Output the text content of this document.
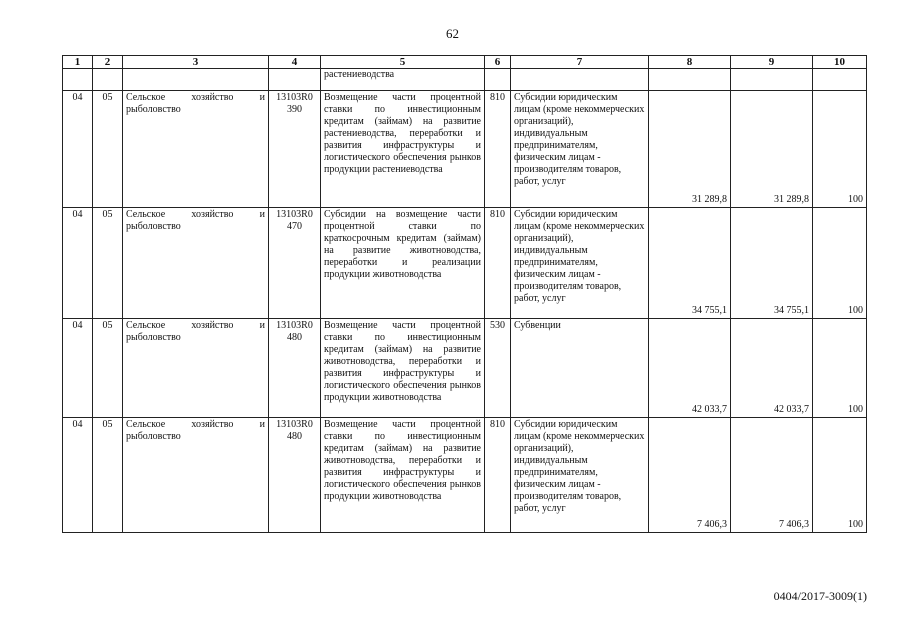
62
1	2	3	4	5	6	7	8	9	10
				растениеводства					
04	05	Сельское хозяйство и рыболовство	13103R0 390	Возмещение части процентной ставки по инвестиционным кредитам (займам) на развитие растениеводства, переработки и развития инфраструктуры и логистического обеспечения рынков продукции растениеводства	810	Субсидии юридическим лицам (кроме некоммерческих организаций), индивидуальным предпринимателям, физическим лицам - производителям товаров, работ, услуг	31 289,8	31 289,8	100
04	05	Сельское хозяйство и рыболовство	13103R0 470	Субсидии на возмещение части процентной ставки по краткосрочным кредитам (займам) на развитие животноводства, переработки и реализации продукции животноводства	810	Субсидии юридическим лицам (кроме некоммерческих организаций), индивидуальным предпринимателям, физическим лицам - производителям товаров, работ, услуг	34 755,1	34 755,1	100
04	05	Сельское хозяйство и рыболовство	13103R0 480	Возмещение части процентной ставки по инвестиционным кредитам (займам) на развитие животноводства, переработки и развития инфраструктуры и логистического обеспечения рынков продукции животноводства	530	Субвенции	42 033,7	42 033,7	100
04	05	Сельское хозяйство и рыболовство	13103R0 480	Возмещение части процентной ставки по инвестиционным кредитам (займам) на развитие животноводства, переработки и развития инфраструктуры и логистического обеспечения рынков продукции животноводства	810	Субсидии юридическим лицам (кроме некоммерческих организаций), индивидуальным предпринимателям, физическим лицам - производителям товаров, работ, услуг	7 406,3	7 406,3	100
0404/2017-3009(1)
